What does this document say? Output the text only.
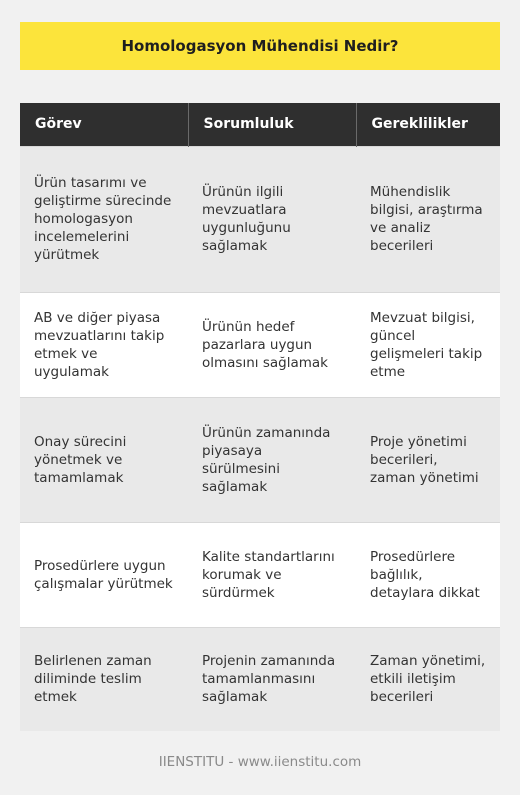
Homologasyon Mühendisi Nedir?
Görev	Sorumluluk	Gereklilikler
Ürün tasarımı ve geliştirme sürecinde homologasyon incelemelerini yürütmek	Ürünün ilgili mevzuatlara uygunluğunu sağlamak	Mühendislik bilgisi, araştırma ve analiz becerileri
AB ve diğer piyasa mevzuatlarını takip etmek ve uygulamak	Ürünün hedef pazarlara uygun olmasını sağlamak	Mevzuat bilgisi, güncel gelişmeleri takip etme
Onay sürecini yönetmek ve tamamlamak	Ürünün zamanında piyasaya sürülmesini sağlamak	Proje yönetimi becerileri, zaman yönetimi
Prosedürlere uygun çalışmalar yürütmek	Kalite standartlarını korumak ve sürdürmek	Prosedürlere bağlılık, detaylara dikkat
Belirlenen zaman diliminde teslim etmek	Projenin zamanında tamamlanmasını sağlamak	Zaman yönetimi, etkili iletişim becerileri
IIENSTITU - www.iienstitu.com
